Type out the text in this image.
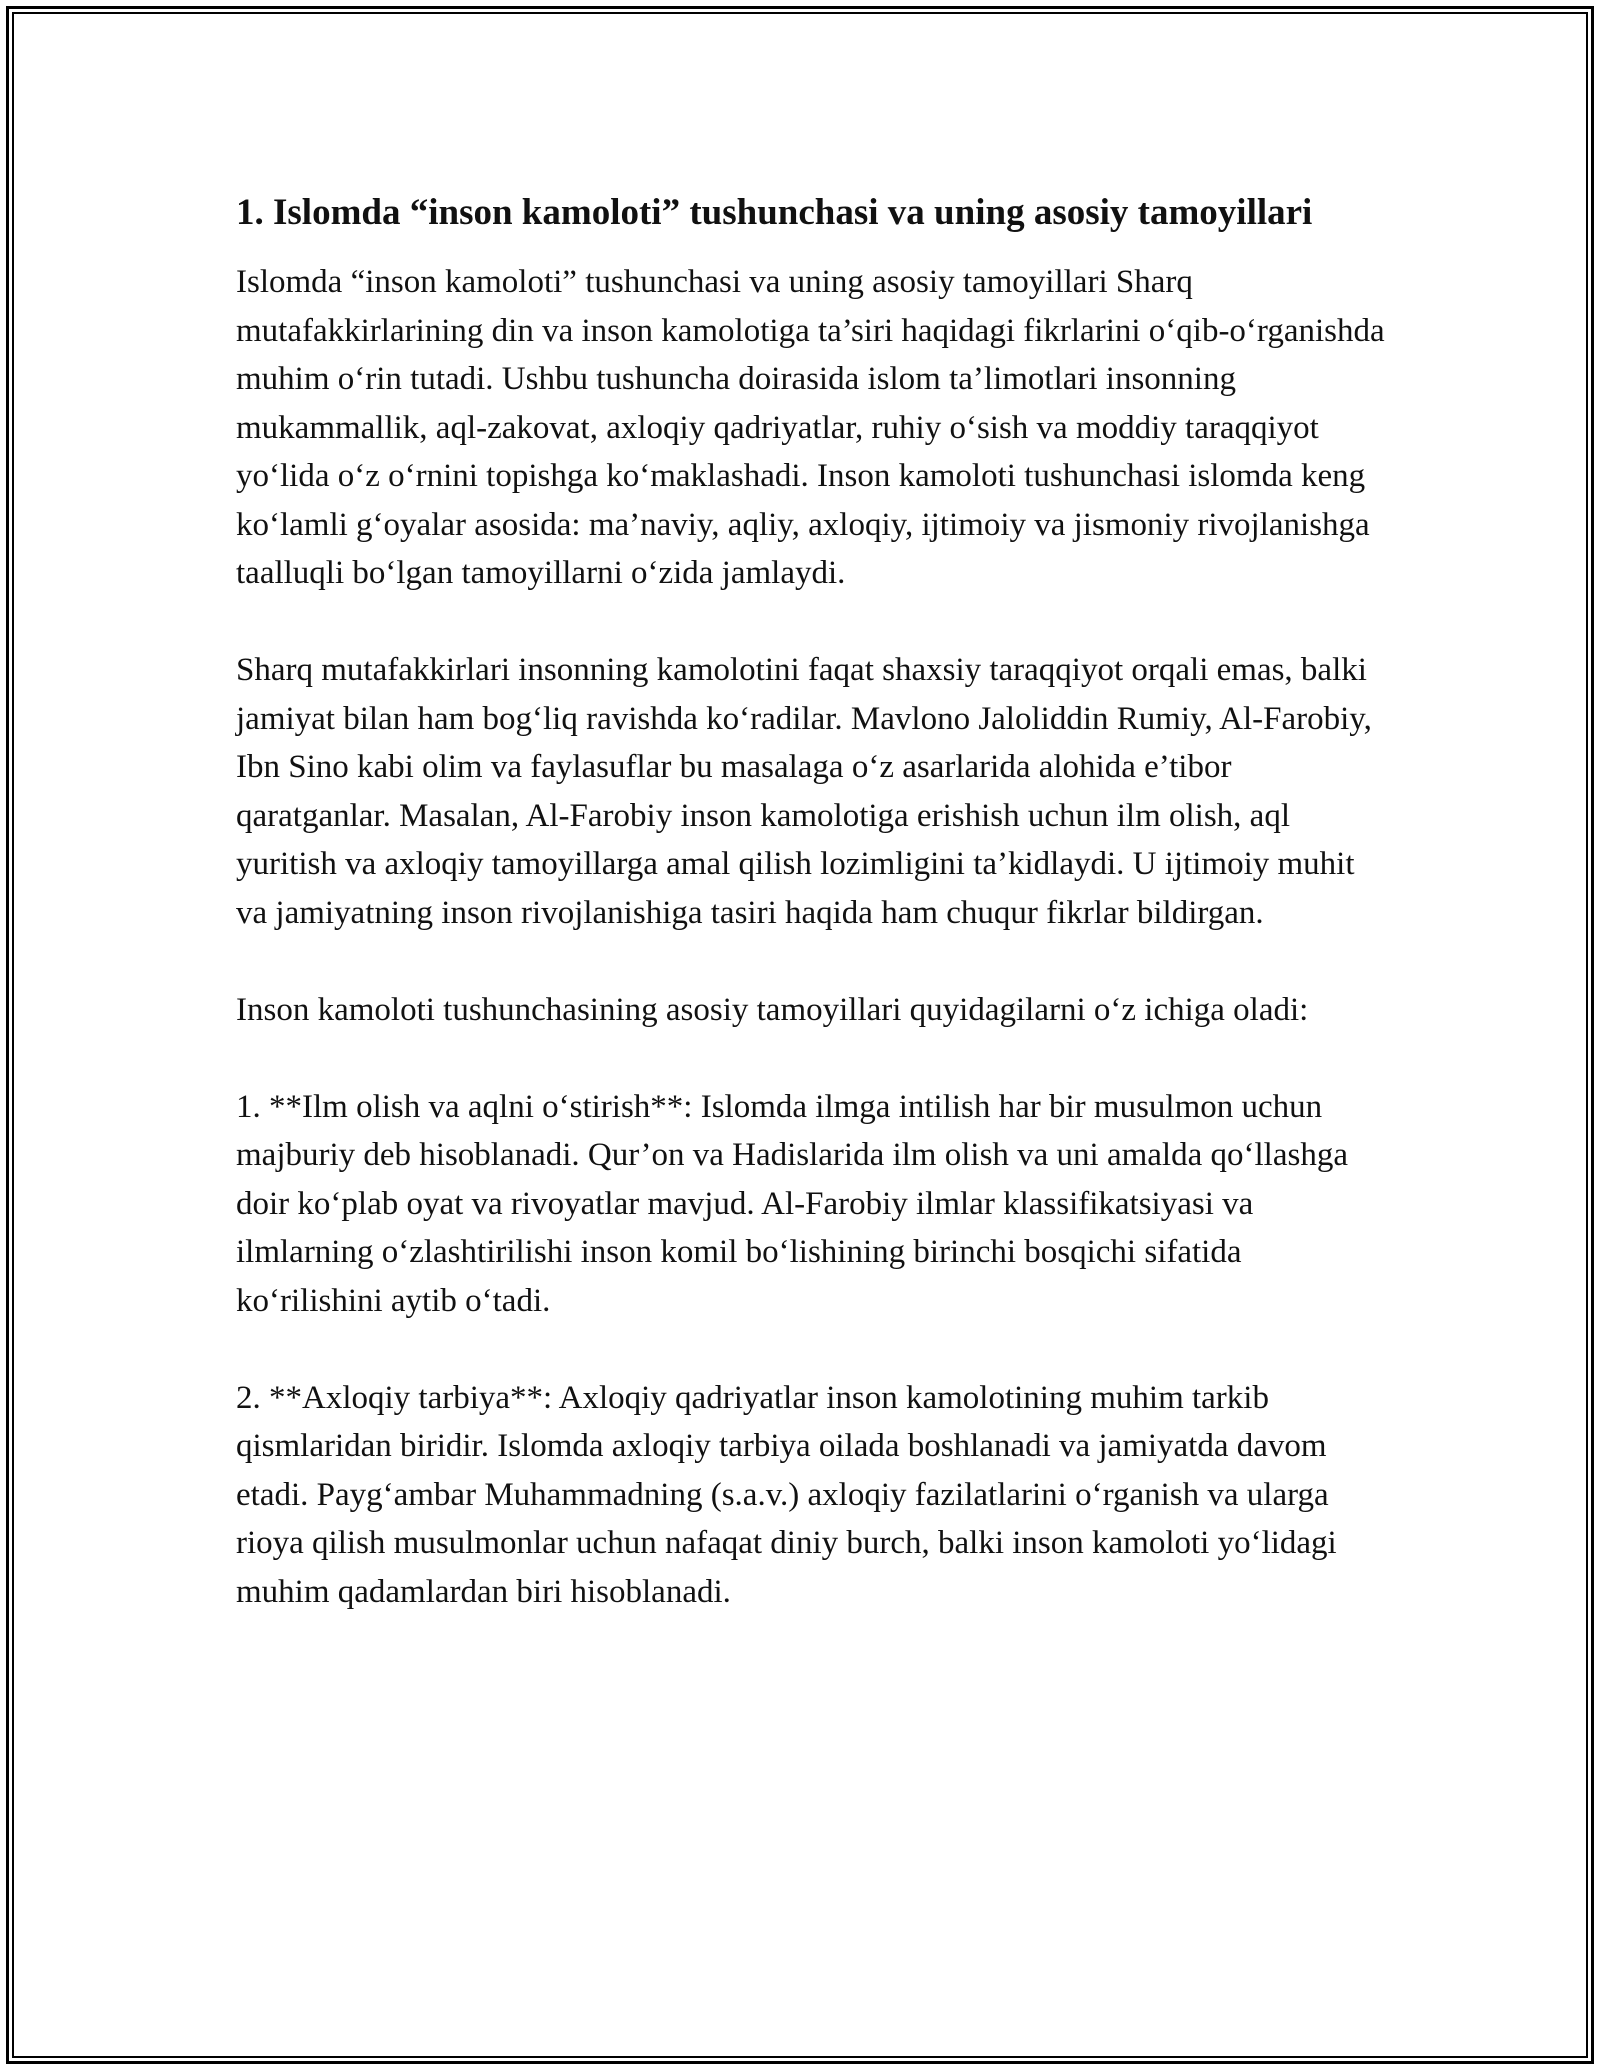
1. Islomda “inson kamoloti” tushunchasi va uning asosiy tamoyillari

Islomda “inson kamoloti” tushunchasi va uning asosiy tamoyillari Sharq mutafakkirlarining din va inson kamolotiga ta’siri haqidagi fikrlarini o‘qib-o‘rganishda muhim o‘rin tutadi. Ushbu tushuncha doirasida islom ta’limotlari insonning mukammallik, aql-zakovat, axloqiy qadriyatlar, ruhiy o‘sish va moddiy taraqqiyot yo‘lida o‘z o‘rnini topishga ko‘maklashadi. Inson kamoloti tushunchasi islomda keng ko‘lamli g‘oyalar asosida: ma’naviy, aqliy, axloqiy, ijtimoiy va jismoniy rivojlanishga taalluqli bo‘lgan tamoyillarni o‘zida jamlaydi.

Sharq mutafakkirlari insonning kamolotini faqat shaxsiy taraqqiyot orqali emas, balki jamiyat bilan ham bog‘liq ravishda ko‘radilar. Mavlono Jaloliddin Rumiy, Al-Farobiy, Ibn Sino kabi olim va faylasuflar bu masalaga o‘z asarlarida alohida e’tibor qaratganlar. Masalan, Al-Farobiy inson kamolotiga erishish uchun ilm olish, aql yuritish va axloqiy tamoyillarga amal qilish lozimligini ta’kidlaydi. U ijtimoiy muhit va jamiyatning inson rivojlanishiga tasiri haqida ham chuqur fikrlar bildirgan.

Inson kamoloti tushunchasining asosiy tamoyillari quyidagilarni o‘z ichiga oladi:

1. **Ilm olish va aqlni o‘stirish**: Islomda ilmga intilish har bir musulmon uchun majburiy deb hisoblanadi. Qur’on va Hadislarida ilm olish va uni amalda qo‘llashga doir ko‘plab oyat va rivoyatlar mavjud. Al-Farobiy ilmlar klassifikatsiyasi va ilmlarning o‘zlashtirilishi inson komil bo‘lishining birinchi bosqichi sifatida ko‘rilishini aytib o‘tadi.

2. **Axloqiy tarbiya**: Axloqiy qadriyatlar inson kamolotining muhim tarkib qismlaridan biridir. Islomda axloqiy tarbiya oilada boshlanadi va jamiyatda davom etadi. Payg‘ambar Muhammadning (s.a.v.) axloqiy fazilatlarini o‘rganish va ularga rioya qilish musulmonlar uchun nafaqat diniy burch, balki inson kamoloti yo‘lidagi muhim qadamlardan biri hisoblanadi.
